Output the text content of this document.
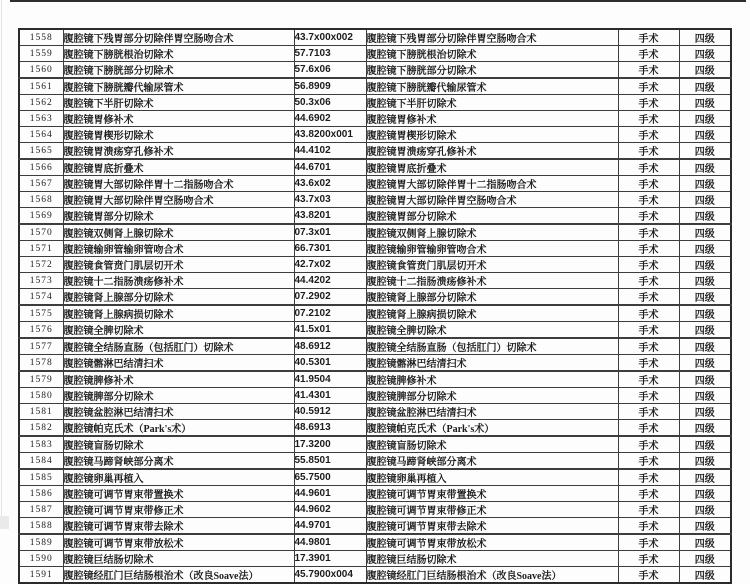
1558	腹腔镜下残胃部分切除伴胃空肠吻合术	43.7x00x002	腹腔镜下残胃部分切除伴胃空肠吻合术	手术	四级
1559	腹腔镜下膀胱根治切除术	57.7103	腹腔镜下膀胱根治切除术	手术	四级
1560	腹腔镜下膀胱部分切除术	57.6x06	腹腔镜下膀胱部分切除术	手术	四级
1561	腹腔镜下膀胱瓣代输尿管术	56.8909	腹腔镜下膀胱瓣代输尿管术	手术	四级
1562	腹腔镜下半肝切除术	50.3x06	腹腔镜下半肝切除术	手术	四级
1563	腹腔镜胃修补术	44.6902	腹腔镜胃修补术	手术	四级
1564	腹腔镜胃楔形切除术	43.8200x001	腹腔镜胃楔形切除术	手术	四级
1565	腹腔镜胃溃疡穿孔修补术	44.4102	腹腔镜胃溃疡穿孔修补术	手术	四级
1566	腹腔镜胃底折叠术	44.6701	腹腔镜胃底折叠术	手术	四级
1567	腹腔镜胃大部切除伴胃十二指肠吻合术	43.6x02	腹腔镜胃大部切除伴胃十二指肠吻合术	手术	四级
1568	腹腔镜胃大部切除伴胃空肠吻合术	43.7x03	腹腔镜胃大部切除伴胃空肠吻合术	手术	四级
1569	腹腔镜胃部分切除术	43.8201	腹腔镜胃部分切除术	手术	四级
1570	腹腔镜双侧肾上腺切除术	07.3x01	腹腔镜双侧肾上腺切除术	手术	四级
1571	腹腔镜输卵管输卵管吻合术	66.7301	腹腔镜输卵管输卵管吻合术	手术	四级
1572	腹腔镜食管贲门肌层切开术	42.7x02	腹腔镜食管贲门肌层切开术	手术	四级
1573	腹腔镜十二指肠溃疡修补术	44.4202	腹腔镜十二指肠溃疡修补术	手术	四级
1574	腹腔镜肾上腺部分切除术	07.2902	腹腔镜肾上腺部分切除术	手术	四级
1575	腹腔镜肾上腺病损切除术	07.2102	腹腔镜肾上腺病损切除术	手术	四级
1576	腹腔镜全脾切除术	41.5x01	腹腔镜全脾切除术	手术	四级
1577	腹腔镜全结肠直肠（包括肛门）切除术	48.6912	腹腔镜全结肠直肠（包括肛门）切除术	手术	四级
1578	腹腔镜髂淋巴结清扫术	40.5301	腹腔镜髂淋巴结清扫术	手术	四级
1579	腹腔镜脾修补术	41.9504	腹腔镜脾修补术	手术	四级
1580	腹腔镜脾部分切除术	41.4301	腹腔镜脾部分切除术	手术	四级
1581	腹腔镜盆腔淋巴结清扫术	40.5912	腹腔镜盆腔淋巴结清扫术	手术	四级
1582	腹腔镜帕克氏术（Park's术）	48.6913	腹腔镜帕克氏术（Park's术）	手术	四级
1583	腹腔镜盲肠切除术	17.3200	腹腔镜盲肠切除术	手术	四级
1584	腹腔镜马蹄肾峡部分离术	55.8501	腹腔镜马蹄肾峡部分离术	手术	四级
1585	腹腔镜卵巢再植入	65.7500	腹腔镜卵巢再植入	手术	四级
1586	腹腔镜可调节胃束带置换术	44.9601	腹腔镜可调节胃束带置换术	手术	四级
1587	腹腔镜可调节胃束带修正术	44.9602	腹腔镜可调节胃束带修正术	手术	四级
1588	腹腔镜可调节胃束带去除术	44.9701	腹腔镜可调节胃束带去除术	手术	四级
1589	腹腔镜可调节胃束带放松术	44.9801	腹腔镜可调节胃束带放松术	手术	四级
1590	腹腔镜巨结肠切除术	17.3901	腹腔镜巨结肠切除术	手术	四级
1591	腹腔镜经肛门巨结肠根治术（改良Soave法）	45.7900x004	腹腔镜经肛门巨结肠根治术（改良Soave法）	手术	四级
